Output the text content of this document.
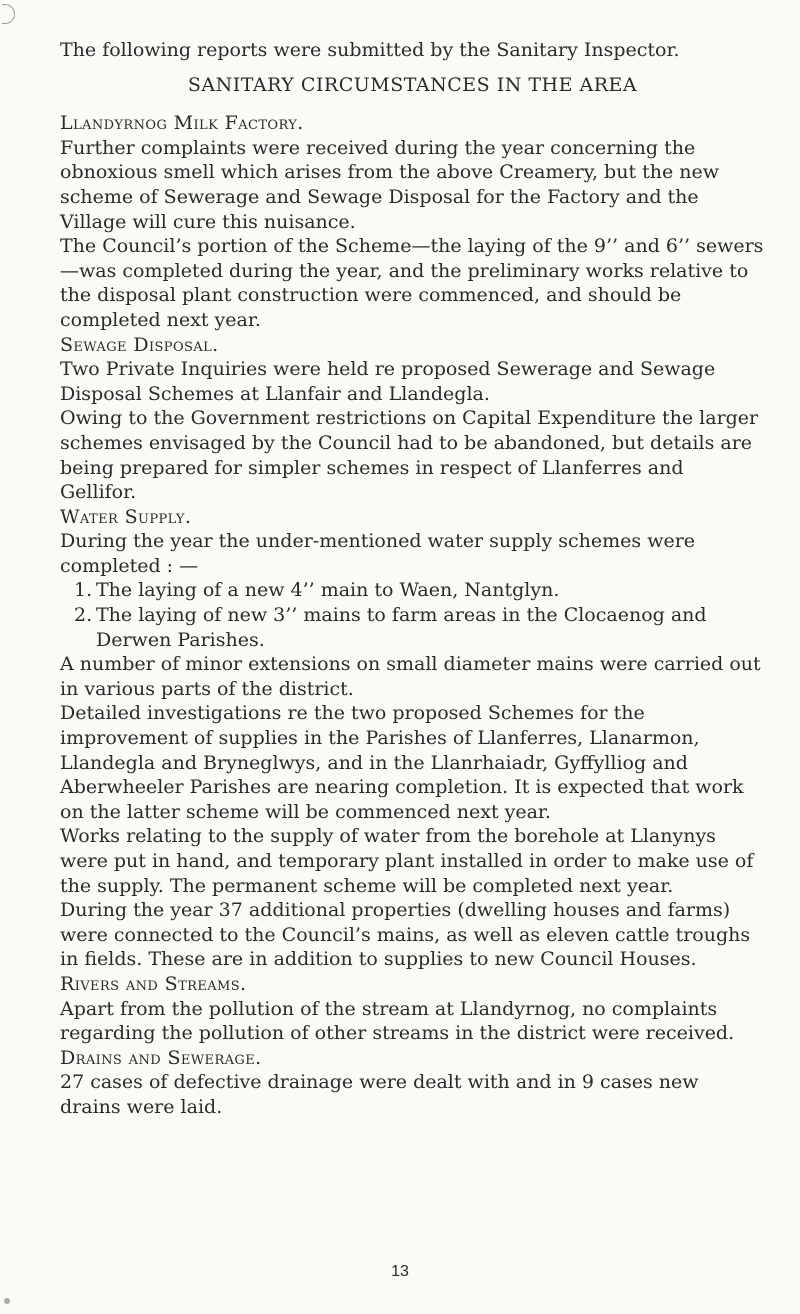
The following reports were submitted by the Sanitary Inspector.

SANITARY CIRCUMSTANCES IN THE AREA

Llandyrnog Milk Factory.

Further complaints were received during the year concerning the obnoxious smell which arises from the above Creamery, but the new scheme of Sewerage and Sewage Disposal for the Factory and the Village will cure this nuisance.

The Council’s portion of the Scheme—the laying of the 9’’ and 6’’ sewers—was completed during the year, and the preliminary works relative to the disposal plant construction were commenced, and should be completed next year.

Sewage Disposal.

Two Private Inquiries were held re proposed Sewerage and Sewage Disposal Schemes at Llanfair and Llandegla.

Owing to the Government restrictions on Capital Expenditure the larger schemes envisaged by the Council had to be abandoned, but details are being prepared for simpler schemes in respect of Llanferres and Gellifor.

Water Supply.

During the year the under-mentioned water supply schemes were completed : —

1. The laying of a new 4’’ main to Waen, Nantglyn.

2. The laying of new 3’’ mains to farm areas in the Clocaenog and Derwen Parishes.

A number of minor extensions on small diameter mains were carried out in various parts of the district.

Detailed investigations re the two proposed Schemes for the improvement of supplies in the Parishes of Llanferres, Llanarmon, Llandegla and Bryneglwys, and in the Llanrhaiadr, Gyffylliog and Aberwheeler Parishes are nearing completion. It is expected that work on the latter scheme will be commenced next year.

Works relating to the supply of water from the borehole at Llanynys were put in hand, and temporary plant installed in order to make use of the supply. The permanent scheme will be completed next year.

During the year 37 additional properties (dwelling houses and farms) were connected to the Council’s mains, as well as eleven cattle troughs in fields. These are in addition to supplies to new Council Houses.

Rivers and Streams.

Apart from the pollution of the stream at Llandyrnog, no complaints regarding the pollution of other streams in the district were received.

Drains and Sewerage.

27 cases of defective drainage were dealt with and in 9 cases new drains were laid.

13
